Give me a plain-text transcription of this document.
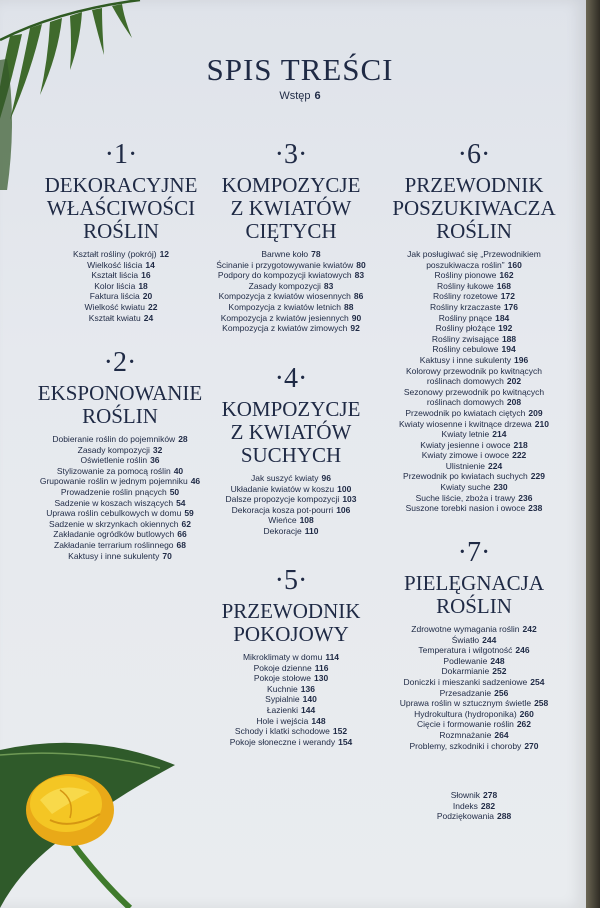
SPIS TREŚCI
Wstęp 6
·1·
DEKORACYJNE
WŁAŚCIWOŚCI
ROŚLIN
Kształt rośliny (pokrój) 12
Wielkość liścia 14
Kształt liścia 16
Kolor liścia 18
Faktura liścia 20
Wielkość kwiatu 22
Kształt kwiatu 24
·2·
EKSPONOWANIE
ROŚLIN
Dobieranie roślin do pojemników 28
Zasady kompozycji 32
Oświetlenie roślin 36
Stylizowanie za pomocą roślin 40
Grupowanie roślin w jednym pojemniku 46
Prowadzenie roślin pnących 50
Sadzenie w koszach wiszących 54
Uprawa roślin cebulkowych w domu 59
Sadzenie w skrzynkach okiennych 62
Zakładanie ogródków butlowych 66
Zakładanie terrarium roślinnego 68
Kaktusy i inne sukulenty 70
·3·
KOMPOZYCJE
Z KWIATÓW
CIĘTYCH
Barwne koło 78
Ścinanie i przygotowywanie kwiatów 80
Podpory do kompozycji kwiatowych 83
Zasady kompozycji 83
Kompozycja z kwiatów wiosennych 86
Kompozycja z kwiatów letnich 88
Kompozycja z kwiatów jesiennych 90
Kompozycja z kwiatów zimowych 92
·4·
KOMPOZYCJE
Z KWIATÓW
SUCHYCH
Jak suszyć kwiaty 96
Układanie kwiatów w koszu 100
Dalsze propozycje kompozycji 103
Dekoracja kosza pot-pourri 106
Wieńce 108
Dekoracje 110
·5·
PRZEWODNIK
POKOJOWY
Mikroklimaty w domu 114
Pokoje dzienne 116
Pokoje stołowe 130
Kuchnie 136
Sypialnie 140
Łazienki 144
Hole i wejścia 148
Schody i klatki schodowe 152
Pokoje słoneczne i werandy 154
·6·
PRZEWODNIK
POSZUKIWACZA
ROŚLIN
Jak posługiwać się „Przewodnikiem poszukiwacza roślin” 160
Rośliny pionowe 162
Rośliny łukowe 168
Rośliny rozetowe 172
Rośliny krzaczaste 176
Rośliny pnące 184
Rośliny płożące 192
Rośliny zwisające 188
Rośliny cebulowe 194
Kaktusy i inne sukulenty 196
Kolorowy przewodnik po kwitnących roślinach domowych 202
Sezonowy przewodnik po kwitnących roślinach domowych 208
Przewodnik po kwiatach ciętych 209
Kwiaty wiosenne i kwitnące drzewa 210
Kwiaty letnie 214
Kwiaty jesienne i owoce 218
Kwiaty zimowe i owoce 222
Ulistnienie 224
Przewodnik po kwiatach suchych 229
Kwiaty suche 230
Suche liście, zboża i trawy 236
Suszone torebki nasion i owoce 238
·7·
PIELĘGNACJA
ROŚLIN
Zdrowotne wymagania roślin 242
Światło 244
Temperatura i wilgotność 246
Podlewanie 248
Dokarmianie 252
Doniczki i mieszanki sadzeniowe 254
Przesadzanie 256
Uprawa roślin w sztucznym świetle 258
Hydrokultura (hydroponika) 260
Cięcie i formowanie roślin 262
Rozmnażanie 264
Problemy, szkodniki i choroby 270
Słownik 278
Indeks 282
Podziękowania 288
